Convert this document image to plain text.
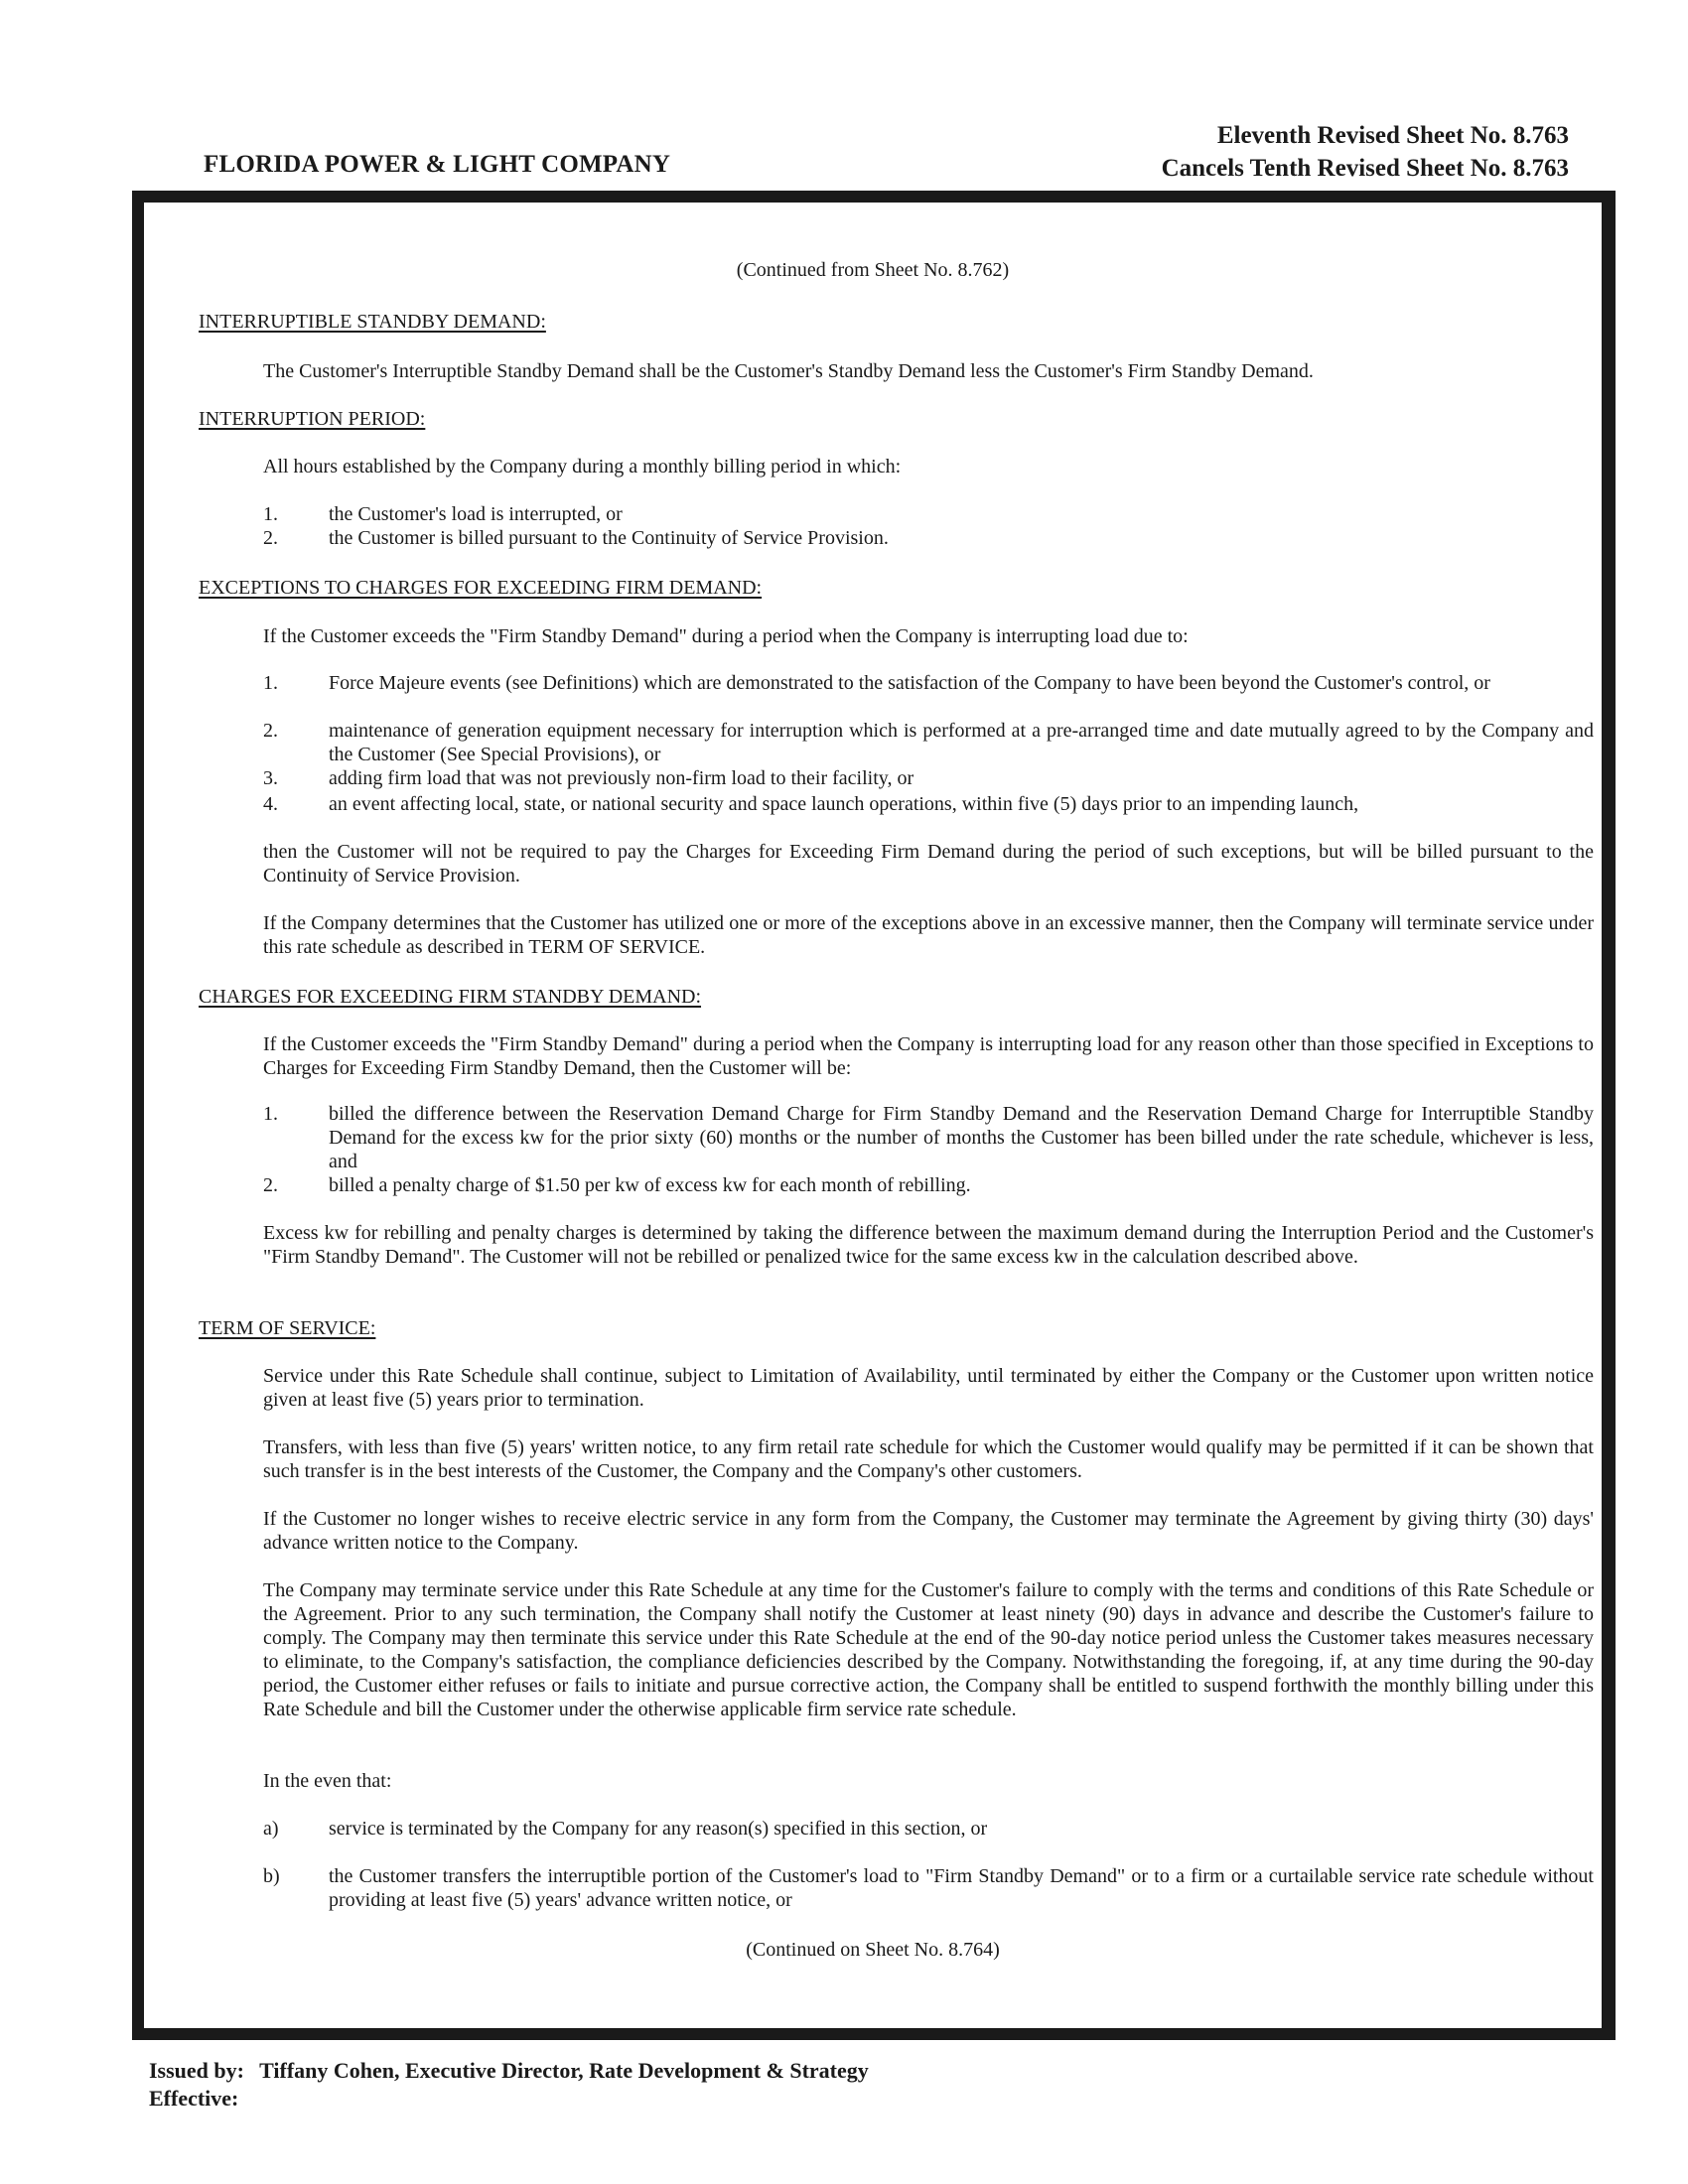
FLORIDA POWER & LIGHT COMPANY
Eleventh Revised Sheet No. 8.763
Cancels Tenth Revised Sheet No. 8.763
(Continued from Sheet No. 8.762)
INTERRUPTIBLE STANDBY DEMAND:
The Customer's Interruptible Standby Demand shall be the Customer's Standby Demand less the Customer's Firm Standby Demand.
INTERRUPTION PERIOD:
All hours established by the Company during a monthly billing period in which:
1.	the Customer's load is interrupted, or
2.	the Customer is billed pursuant to the Continuity of Service Provision.
EXCEPTIONS TO CHARGES FOR EXCEEDING FIRM DEMAND:
If the Customer exceeds the "Firm Standby Demand" during a period when the Company is interrupting load due to:
1.	Force Majeure events (see Definitions) which are demonstrated to the satisfaction of the Company to have been beyond the Customer's control, or
2.	maintenance of generation equipment necessary for interruption which is performed at a pre-arranged time and date mutually agreed to by the Company and the Customer (See Special Provisions), or
3.	adding firm load that was not previously non-firm load to their facility, or
4.	an event affecting local, state, or national security and space launch operations, within five (5) days prior to an impending launch,
then the Customer will not be required to pay the Charges for Exceeding Firm Demand during the period of such exceptions, but will be billed pursuant to the Continuity of Service Provision.
If the Company determines that the Customer has utilized one or more of the exceptions above in an excessive manner, then the Company will terminate service under this rate schedule as described in TERM OF SERVICE.
CHARGES FOR EXCEEDING FIRM STANDBY DEMAND:
If the Customer exceeds the "Firm Standby Demand" during a period when the Company is interrupting load for any reason other than those specified in Exceptions to Charges for Exceeding Firm Standby Demand, then the Customer will be:
1.	billed the difference between the Reservation Demand Charge for Firm Standby Demand and the Reservation Demand Charge for Interruptible Standby Demand for the excess kw for the prior sixty (60) months or the number of months the Customer has been billed under the rate schedule, whichever is less, and
2.	billed a penalty charge of $1.50 per kw of excess kw for each month of rebilling.
Excess kw for rebilling and penalty charges is determined by taking the difference between the maximum demand during the Interruption Period and the Customer's "Firm Standby Demand". The Customer will not be rebilled or penalized twice for the same excess kw in the calculation described above.
TERM OF SERVICE:
Service under this Rate Schedule shall continue, subject to Limitation of Availability, until terminated by either the Company or the Customer upon written notice given at least five (5) years prior to termination.
Transfers, with less than five (5) years' written notice, to any firm retail rate schedule for which the Customer would qualify may be permitted if it can be shown that such transfer is in the best interests of the Customer, the Company and the Company's other customers.
If the Customer no longer wishes to receive electric service in any form from the Company, the Customer may terminate the Agreement by giving thirty (30) days' advance written notice to the Company.
The Company may terminate service under this Rate Schedule at any time for the Customer's failure to comply with the terms and conditions of this Rate Schedule or the Agreement. Prior to any such termination, the Company shall notify the Customer at least ninety (90) days in advance and describe the Customer's failure to comply. The Company may then terminate this service under this Rate Schedule at the end of the 90-day notice period unless the Customer takes measures necessary to eliminate, to the Company's satisfaction, the compliance deficiencies described by the Company. Notwithstanding the foregoing, if, at any time during the 90-day period, the Customer either refuses or fails to initiate and pursue corrective action, the Company shall be entitled to suspend forthwith the monthly billing under this Rate Schedule and bill the Customer under the otherwise applicable firm service rate schedule.
In the even that:
a)	service is terminated by the Company for any reason(s) specified in this section, or
b)	the Customer transfers the interruptible portion of the Customer's load to "Firm Standby Demand" or to a firm or a curtailable service rate schedule without providing at least five (5) years' advance written notice, or
(Continued on Sheet No. 8.764)
Issued by: Tiffany Cohen, Executive Director, Rate Development & Strategy
Effective:
